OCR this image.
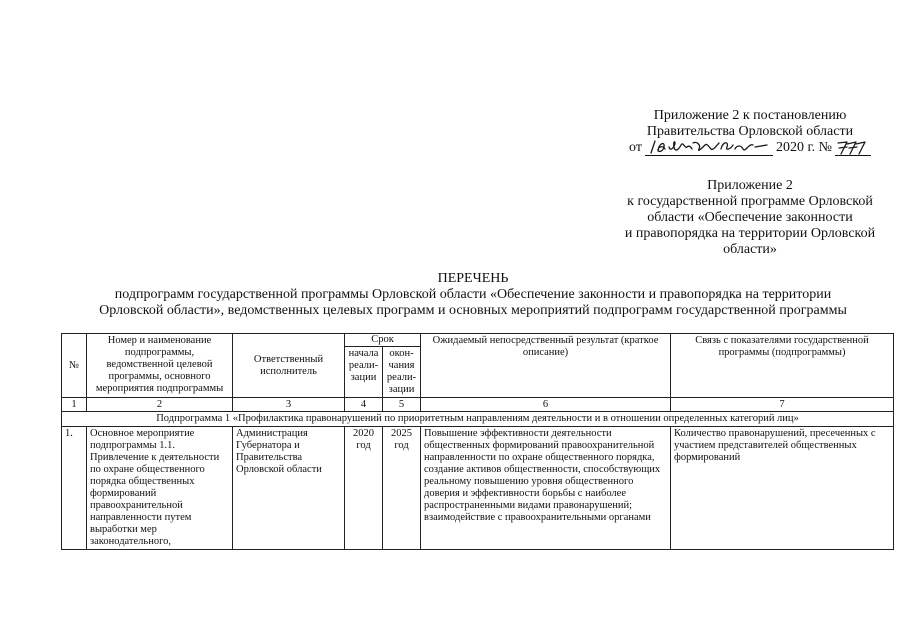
Приложение 2 к постановлению
Правительства Орловской области
от	2020 г. №
Приложение 2
к государственной программе Орловской
области «Обеспечение законности
и правопорядка на территории Орловской
области»
ПЕРЕЧЕНЬ
подпрограмм государственной программы Орловской области «Обеспечение законности и правопорядка на территории
Орловской области», ведомственных целевых программ и основных мероприятий подпрограмм государственной программы
№	Номер и наименование подпрограммы, ведомственной целевой программы, основного мероприятия подпрограммы	Ответственный исполнитель	Срок		Ожидаемый непосредственный результат (краткое описание)	Связь с показателями государственной программы (подпрограммы)
			начала реали-зации	окон-чания реали-зации		
1	2	3	4	5	6	7
Подпрограмма 1 «Профилактика правонарушений по приоритетным направлениям деятельности и в отношении определенных категорий лиц»						
1.	Основное мероприятие подпрограммы 1.1. Привлечение к деятельности по охране общественного порядка общественных формирований правоохранительной направленности путем выработки мер законодательного,	Администрация Губернатора и Правительства Орловской области	2020 год	2025 год	Повышение эффективности деятельности общественных формирований правоохранительной направленности по охране общественного порядка, создание активов общественности, способствующих реальному повышению уровня общественного доверия и эффективности борьбы с наиболее распространенными видами правонарушений; взаимодействие с правоохранительными органами	Количество правонарушений, пресеченных с участием представителей общественных формирований
